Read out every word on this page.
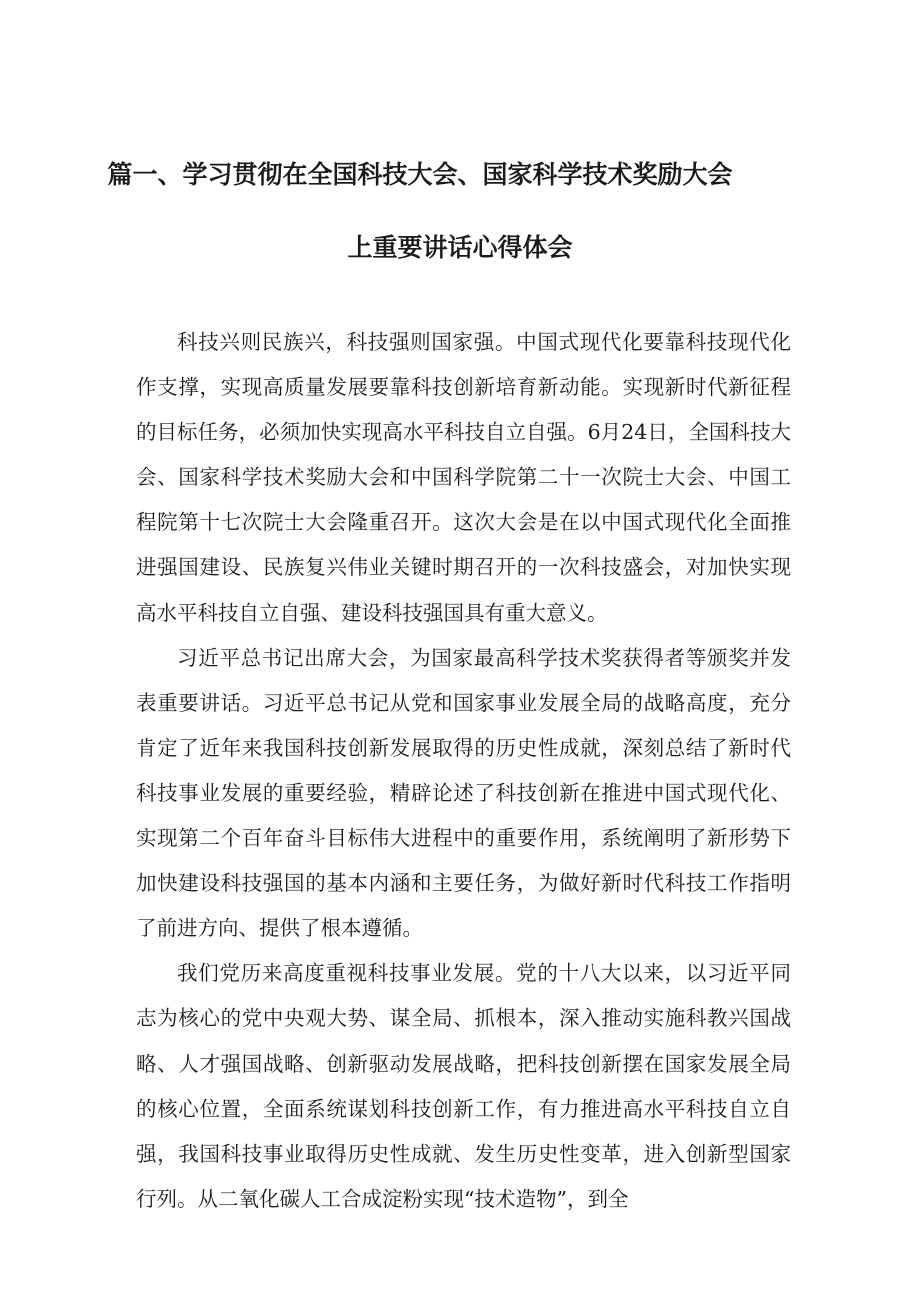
篇一、学习贯彻在全国科技大会、国家科学技术奖励大会
上重要讲话心得体会

科技兴则民族兴，科技强则国家强。中国式现代化要靠科技现代化作支撑，实现高质量发展要靠科技创新培育新动能。实现新时代新征程的目标任务，必须加快实现高水平科技自立自强。6月24日，全国科技大会、国家科学技术奖励大会和中国科学院第二十一次院士大会、中国工程院第十七次院士大会隆重召开。这次大会是在以中国式现代化全面推进强国建设、民族复兴伟业关键时期召开的一次科技盛会，对加快实现高水平科技自立自强、建设科技强国具有重大意义。

习近平总书记出席大会，为国家最高科学技术奖获得者等颁奖并发表重要讲话。习近平总书记从党和国家事业发展全局的战略高度，充分肯定了近年来我国科技创新发展取得的历史性成就，深刻总结了新时代科技事业发展的重要经验，精辟论述了科技创新在推进中国式现代化、实现第二个百年奋斗目标伟大进程中的重要作用，系统阐明了新形势下加快建设科技强国的基本内涵和主要任务，为做好新时代科技工作指明了前进方向、提供了根本遵循。

我们党历来高度重视科技事业发展。党的十八大以来，以习近平同志为核心的党中央观大势、谋全局、抓根本，深入推动实施科教兴国战略、人才强国战略、创新驱动发展战略，把科技创新摆在国家发展全局的核心位置，全面系统谋划科技创新工作，有力推进高水平科技自立自强，我国科技事业取得历史性成就、发生历史性变革，进入创新型国家行列。从二氧化碳人工合成淀粉实现“技术造物”，到全
